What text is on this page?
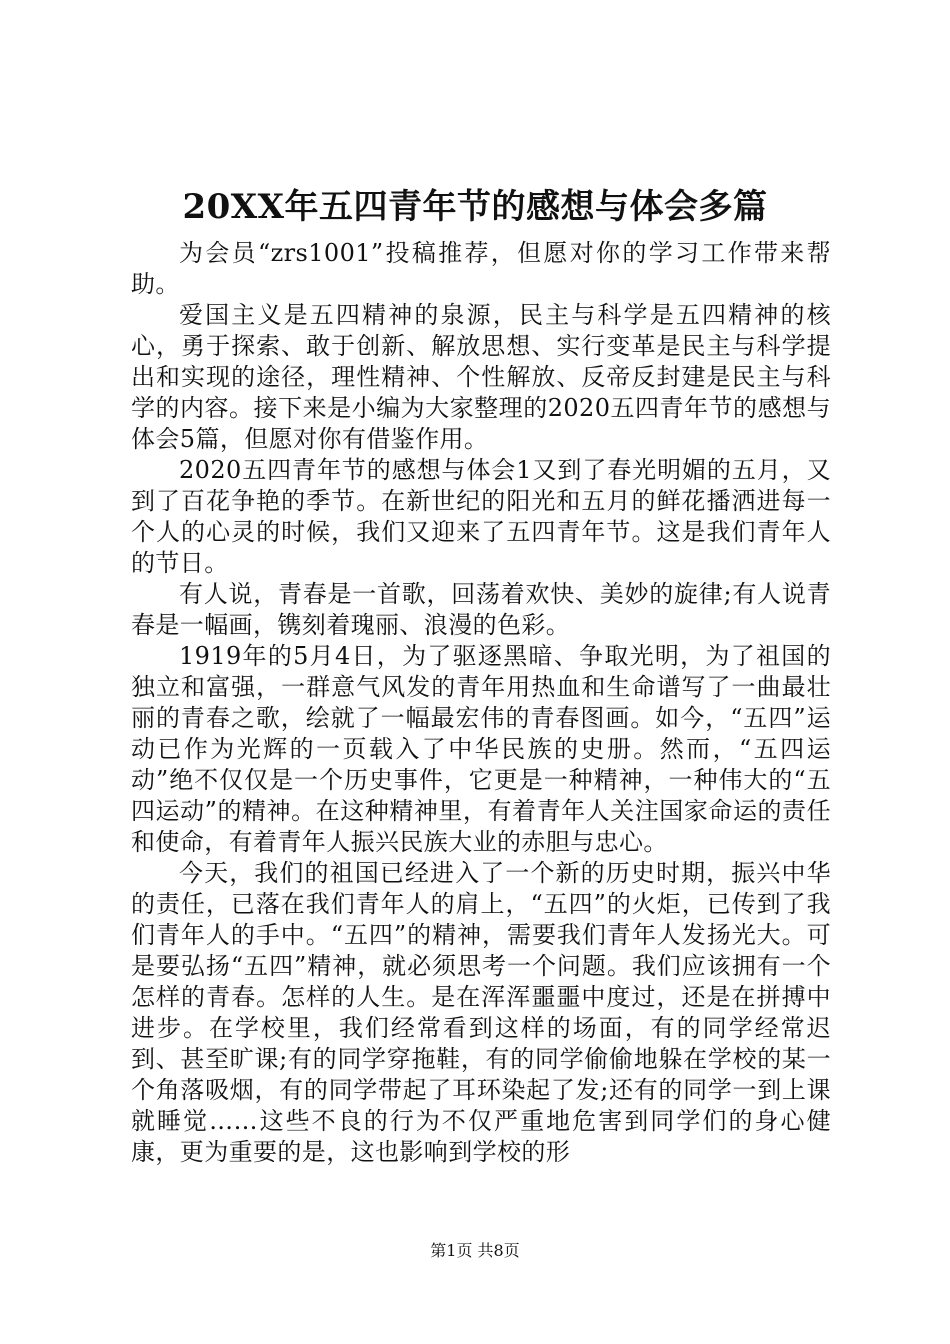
20XX年五四青年节的感想与体会多篇

为会员“zrs1001”投稿推荐，但愿对你的学习工作带来帮助。

爱国主义是五四精神的泉源，民主与科学是五四精神的核心，勇于探索、敢于创新、解放思想、实行变革是民主与科学提出和实现的途径，理性精神、个性解放、反帝反封建是民主与科学的内容。接下来是小编为大家整理的2020五四青年节的感想与体会5篇，但愿对你有借鉴作用。

2020五四青年节的感想与体会1又到了春光明媚的五月，又到了百花争艳的季节。在新世纪的阳光和五月的鲜花播洒进每一个人的心灵的时候，我们又迎来了五四青年节。这是我们青年人的节日。

有人说，青春是一首歌，回荡着欢快、美妙的旋律;有人说青春是一幅画，镌刻着瑰丽、浪漫的色彩。

1919年的5月4日，为了驱逐黑暗、争取光明，为了祖国的独立和富强，一群意气风发的青年用热血和生命谱写了一曲最壮丽的青春之歌，绘就了一幅最宏伟的青春图画。如今，“五四”运动已作为光辉的一页载入了中华民族的史册。然而，“五四运动”绝不仅仅是一个历史事件，它更是一种精神，一种伟大的“五四运动”的精神。在这种精神里，有着青年人关注国家命运的责任和使命，有着青年人振兴民族大业的赤胆与忠心。

今天，我们的祖国已经进入了一个新的历史时期，振兴中华的责任，已落在我们青年人的肩上，“五四”的火炬，已传到了我们青年人的手中。“五四”的精神，需要我们青年人发扬光大。可是要弘扬“五四”精神，就必须思考一个问题。我们应该拥有一个怎样的青春。怎样的人生。是在浑浑噩噩中度过，还是在拼搏中进步。在学校里，我们经常看到这样的场面，有的同学经常迟到、甚至旷课;有的同学穿拖鞋，有的同学偷偷地躲在学校的某一个角落吸烟，有的同学带起了耳环染起了发;还有的同学一到上课就睡觉……这些不良的行为不仅严重地危害到同学们的身心健康，更为重要的是，这也影响到学校的形

第1页 共8页
